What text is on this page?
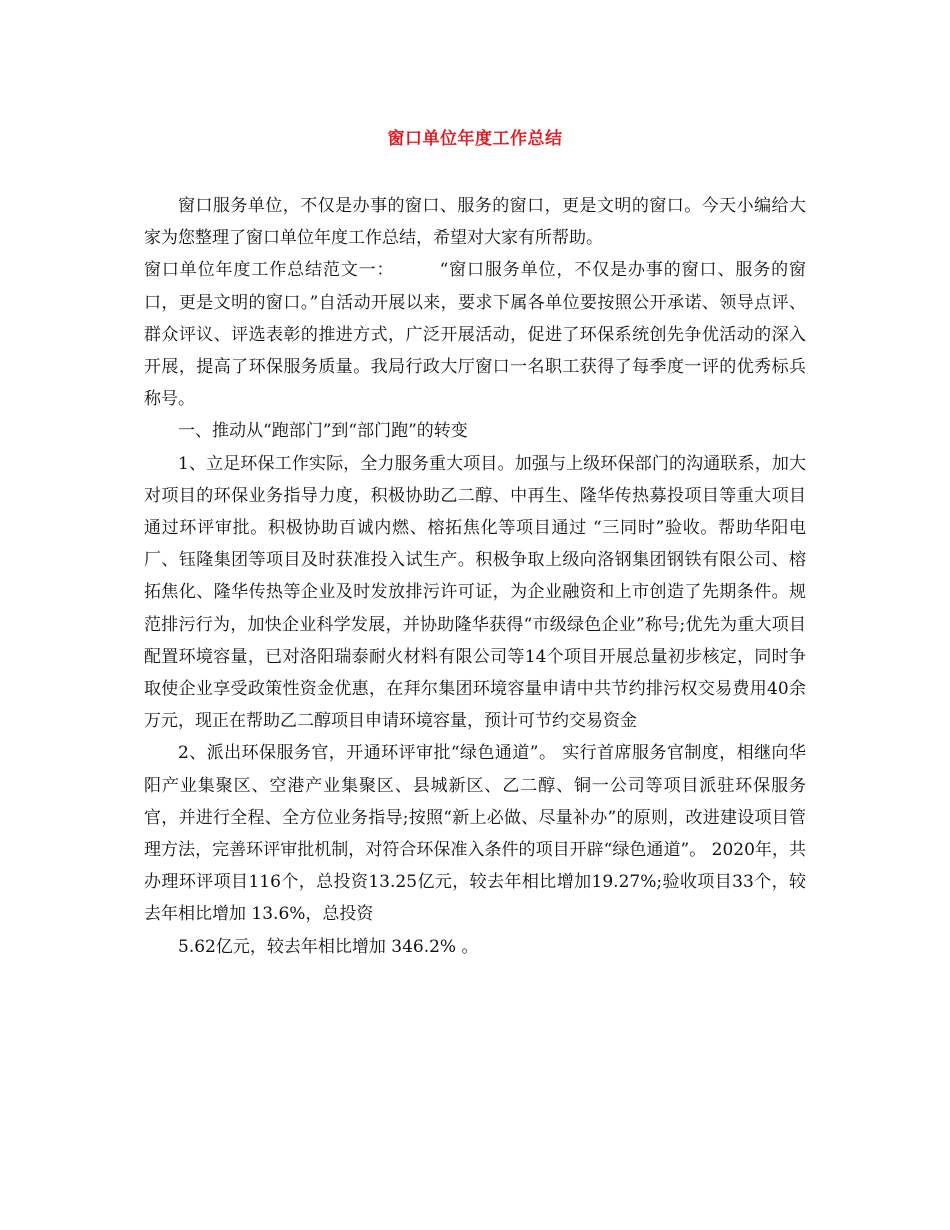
窗口单位年度工作总结

窗口服务单位，不仅是办事的窗口、服务的窗口，更是文明的窗口。今天小编给大家为您整理了窗口单位年度工作总结，希望对大家有所帮助。

窗口单位年度工作总结范文一：　　　“窗口服务单位，不仅是办事的窗口、服务的窗口，更是文明的窗口。”自活动开展以来，要求下属各单位要按照公开承诺、领导点评、群众评议、评选表彰的推进方式，广泛开展活动，促进了环保系统创先争优活动的深入开展，提高了环保服务质量。我局行政大厅窗口一名职工获得了每季度一评的优秀标兵称号。

一、推动从“跑部门”到“部门跑”的转变

1、立足环保工作实际，全力服务重大项目。加强与上级环保部门的沟通联系，加大对项目的环保业务指导力度，积极协助乙二醇、中再生、隆华传热募投项目等重大项目通过环评审批。积极协助百诚内燃、榕拓焦化等项目通过 “三同时”验收。帮助华阳电厂、钰隆集团等项目及时获准投入试生产。积极争取上级向洛钢集团钢铁有限公司、榕拓焦化、隆华传热等企业及时发放排污许可证，为企业融资和上市创造了先期条件。规范排污行为，加快企业科学发展，并协助隆华获得“市级绿色企业”称号;优先为重大项目配置环境容量，已对洛阳瑞泰耐火材料有限公司等14个项目开展总量初步核定，同时争取使企业享受政策性资金优惠，在拜尔集团环境容量申请中共节约排污权交易费用40余万元，现正在帮助乙二醇项目申请环境容量，预计可节约交易资金

2、派出环保服务官，开通环评审批“绿色通道”。 实行首席服务官制度，相继向华阳产业集聚区、空港产业集聚区、县城新区、乙二醇、铜一公司等项目派驻环保服务官，并进行全程、全方位业务指导;按照“新上必做、尽量补办”的原则，改进建设项目管理方法，完善环评审批机制，对符合环保准入条件的项目开辟“绿色通道”。 2020年，共办理环评项目116个，总投资13.25亿元，较去年相比增加19.27%;验收项目33个，较去年相比增加 13.6%，总投资

5.62亿元，较去年相比增加 346.2% 。
